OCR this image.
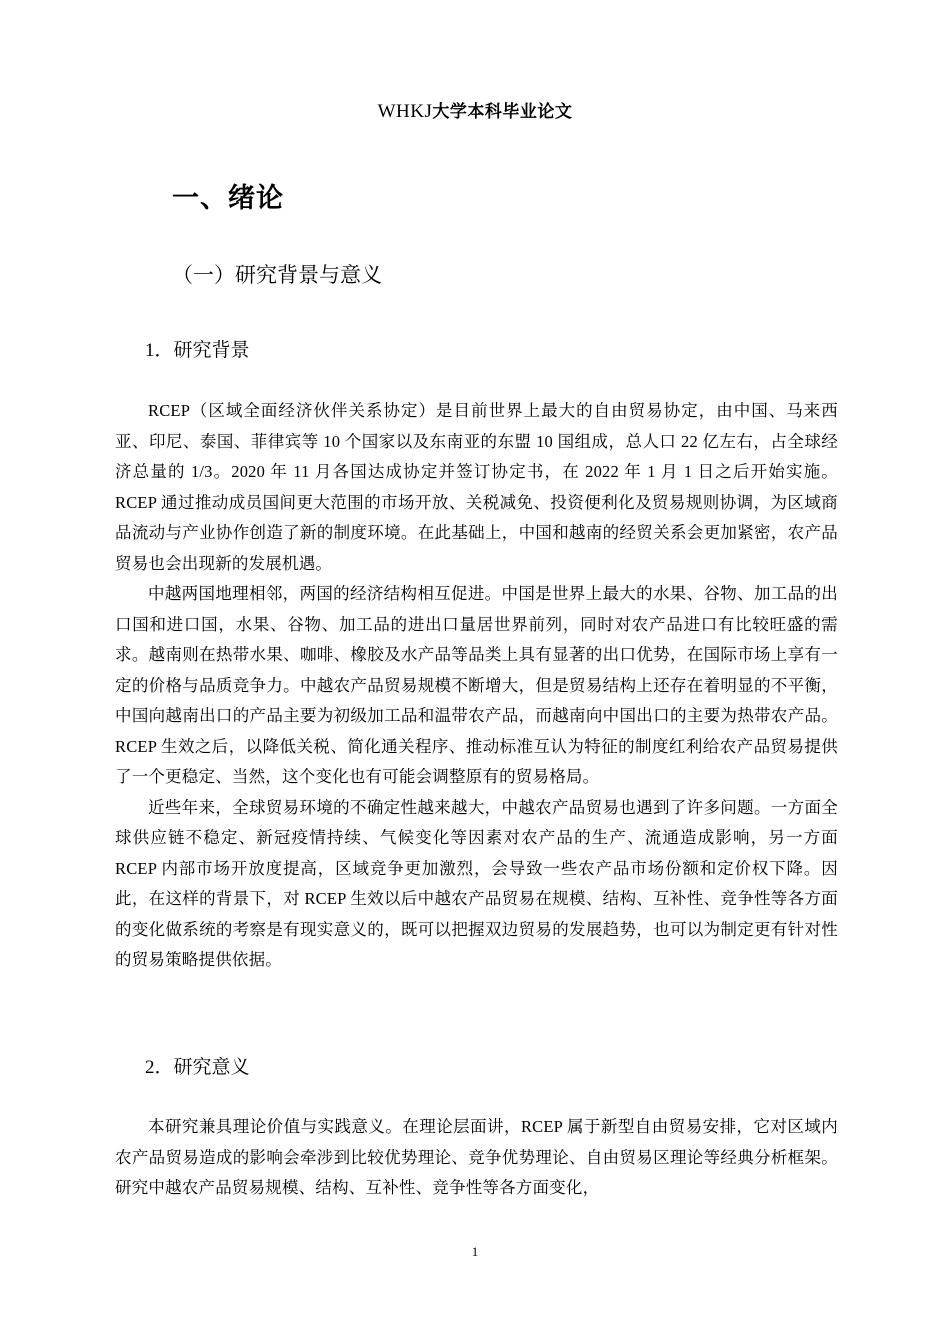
WHKJ大学本科毕业论文
一、绪论
（一）研究背景与意义
1．研究背景

RCEP（区域全面经济伙伴关系协定）是目前世界上最大的自由贸易协定，由中国、马来西亚、印尼、泰国、菲律宾等 10 个国家以及东南亚的东盟 10 国组成，总人口 22 亿左右，占全球经济总量的 1/3。2020 年 11 月各国达成协定并签订协定书，在 2022 年 1 月 1 日之后开始实施。RCEP 通过推动成员国间更大范围的市场开放、关税减免、投资便利化及贸易规则协调，为区域商品流动与产业协作创造了新的制度环境。在此基础上，中国和越南的经贸关系会更加紧密，农产品贸易也会出现新的发展机遇。

中越两国地理相邻，两国的经济结构相互促进。中国是世界上最大的水果、谷物、加工品的出口国和进口国，水果、谷物、加工品的进出口量居世界前列，同时对农产品进口有比较旺盛的需求。越南则在热带水果、咖啡、橡胶及水产品等品类上具有显著的出口优势，在国际市场上享有一定的价格与品质竞争力。中越农产品贸易规模不断增大，但是贸易结构上还存在着明显的不平衡，中国向越南出口的产品主要为初级加工品和温带农产品，而越南向中国出口的主要为热带农产品。RCEP 生效之后，以降低关税、简化通关程序、推动标准互认为特征的制度红利给农产品贸易提供了一个更稳定、当然，这个变化也有可能会调整原有的贸易格局。

近些年来，全球贸易环境的不确定性越来越大，中越农产品贸易也遇到了许多问题。一方面全球供应链不稳定、新冠疫情持续、气候变化等因素对农产品的生产、流通造成影响，另一方面 RCEP 内部市场开放度提高，区域竞争更加激烈，会导致一些农产品市场份额和定价权下降。因此，在这样的背景下，对 RCEP 生效以后中越农产品贸易在规模、结构、互补性、竞争性等各方面的变化做系统的考察是有现实意义的，既可以把握双边贸易的发展趋势，也可以为制定更有针对性的贸易策略提供依据。

2．研究意义

本研究兼具理论价值与实践意义。在理论层面讲，RCEP 属于新型自由贸易安排，它对区域内农产品贸易造成的影响会牵涉到比较优势理论、竞争优势理论、自由贸易区理论等经典分析框架。研究中越农产品贸易规模、结构、互补性、竞争性等各方面变化，

1
